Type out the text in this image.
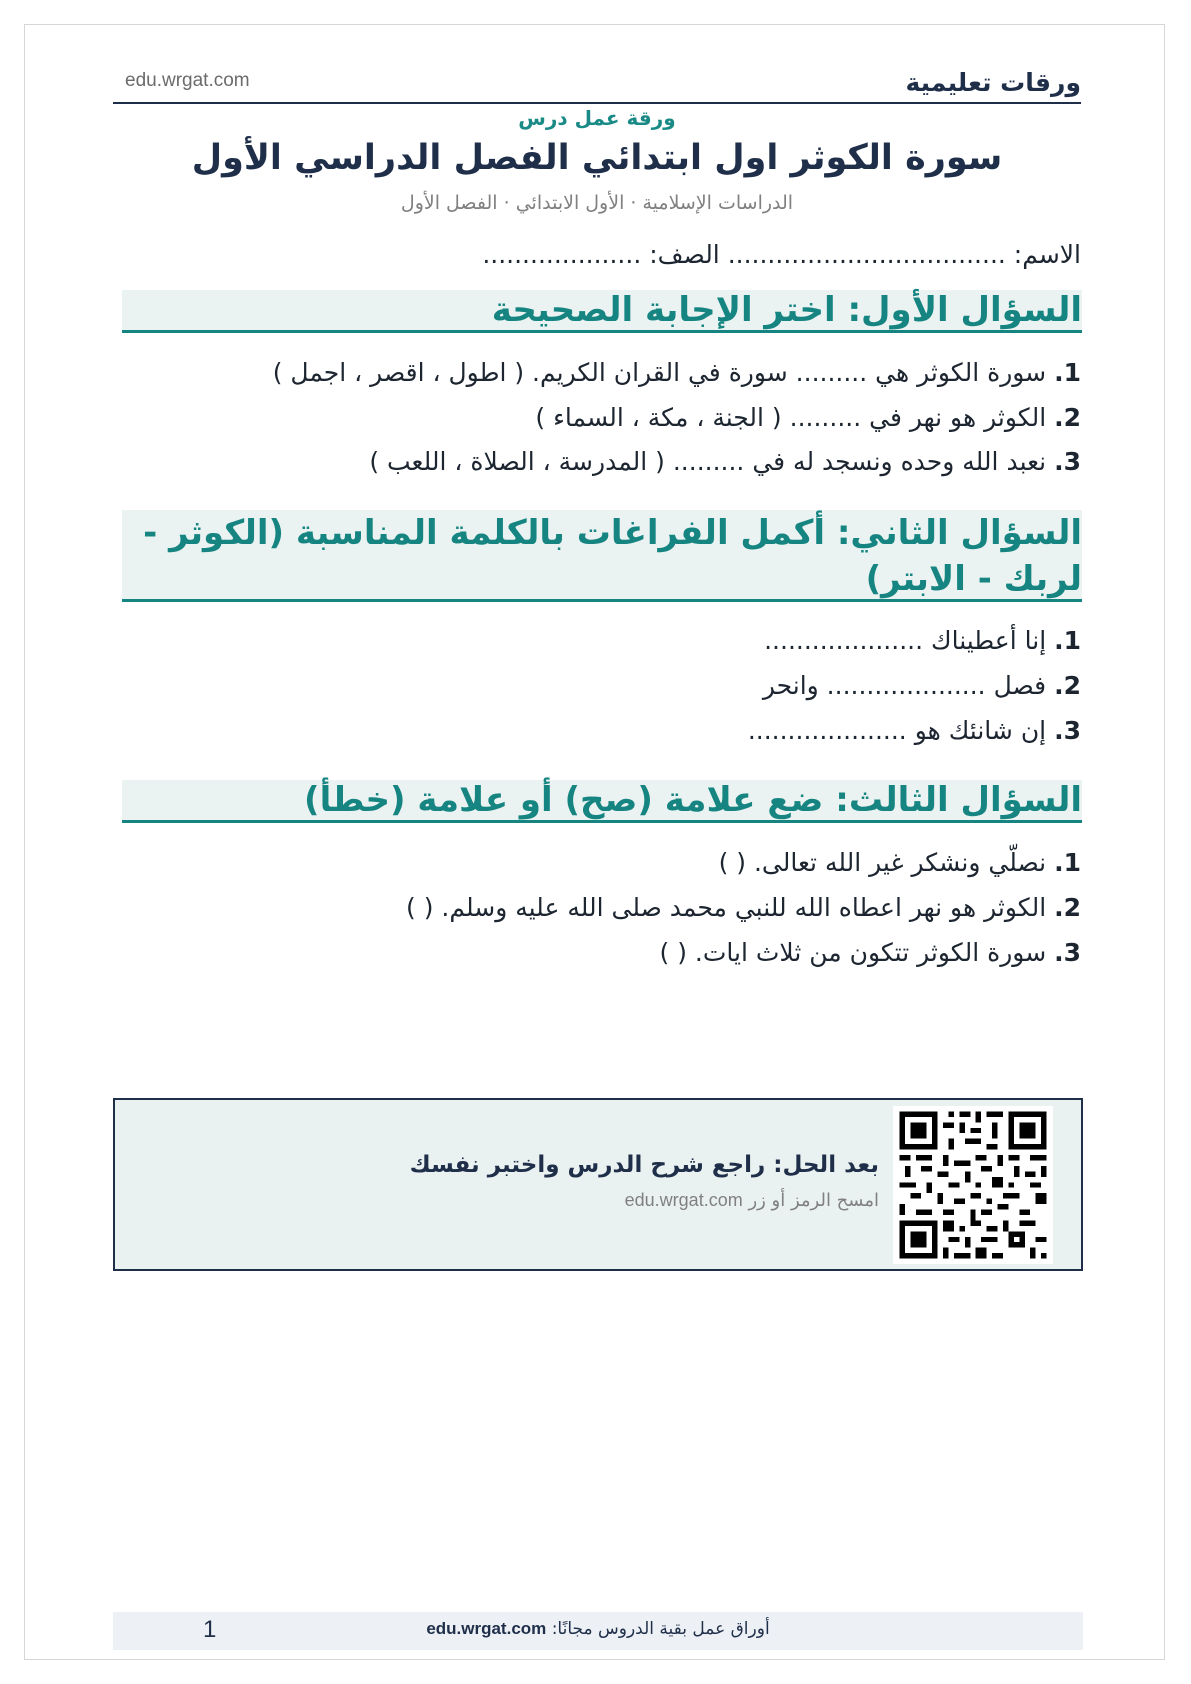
ورقات تعليمية
edu.wrgat.com
ورقة عمل درس
سورة الكوثر اول ابتدائي الفصل الدراسي الأول
الدراسات الإسلامية · الأول الابتدائي · الفصل الأول
الاسم: ................................... الصف: ....................
السؤال الأول: اختر الإجابة الصحيحة
1. سورة الكوثر هي ......... سورة في القران الكريم. ( اطول ، اقصر ، اجمل )
2. الكوثر هو نهر في ......... ( الجنة ، مكة ، السماء )
3. نعبد الله وحده ونسجد له في ......... ( المدرسة ، الصلاة ، اللعب )
السؤال الثاني: أكمل الفراغات بالكلمة المناسبة (الكوثر - لربك - الابتر)
1. إنا أعطيناك ....................
2. فصل .................... وانحر
3. إن شانئك هو ....................
السؤال الثالث: ضع علامة (صح) أو علامة (خطأ)
1. نصلّي ونشكر غير الله تعالى. ( )
2. الكوثر هو نهر اعطاه الله للنبي محمد صلى الله عليه وسلم. ( )
3. سورة الكوثر تتكون من ثلاث ايات. ( )
بعد الحل: راجع شرح الدرس واختبر نفسك
امسح الرمز أو زر edu.wrgat.com
أوراق عمل بقية الدروس مجانًا: edu.wrgat.com
1
